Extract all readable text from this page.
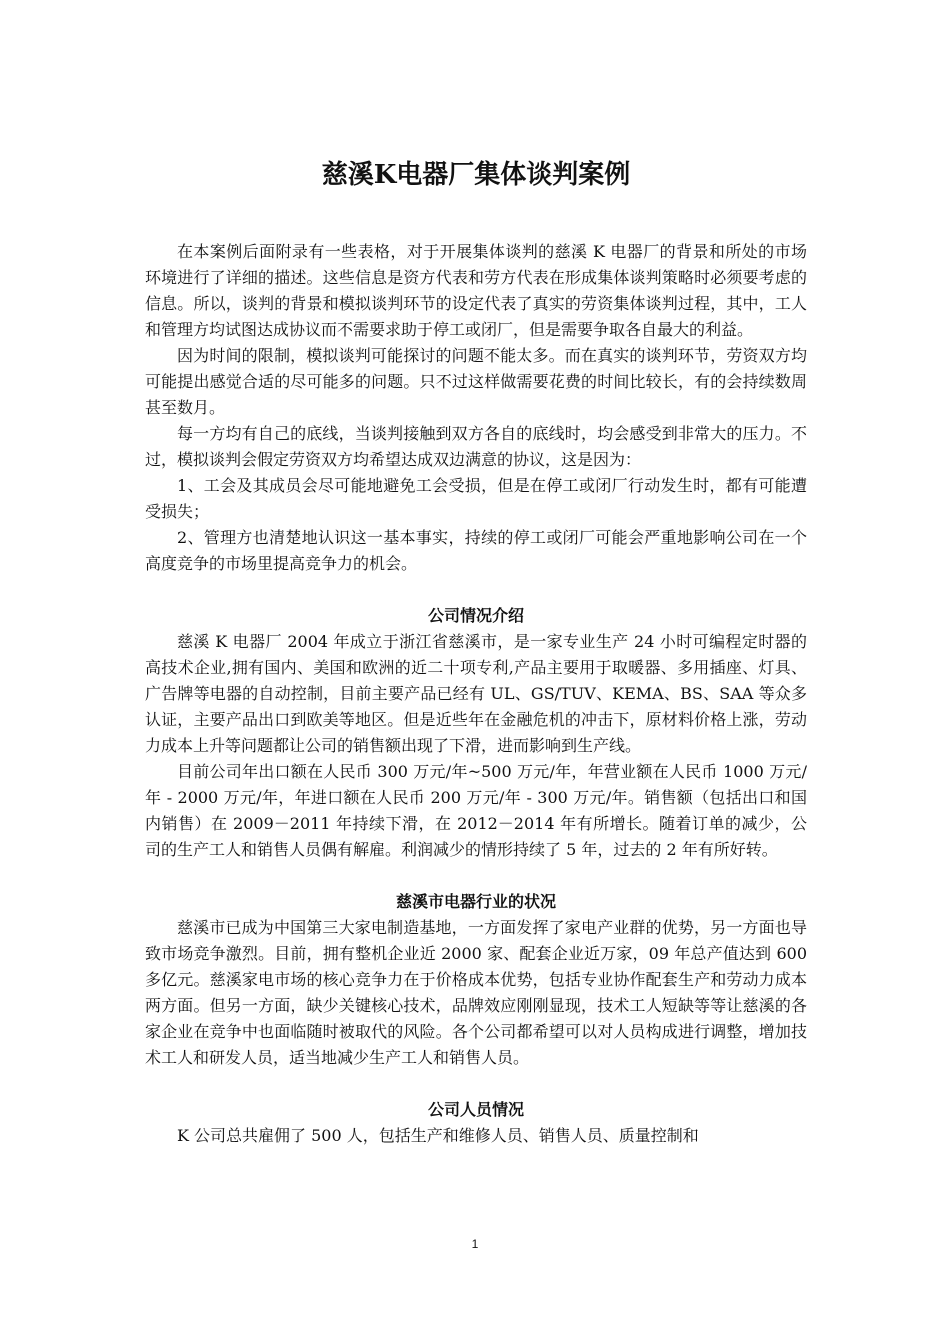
慈溪K电器厂集体谈判案例

在本案例后面附录有一些表格，对于开展集体谈判的慈溪 K 电器厂的背景和所处的市场环境进行了详细的描述。这些信息是资方代表和劳方代表在形成集体谈判策略时必须要考虑的信息。所以，谈判的背景和模拟谈判环节的设定代表了真实的劳资集体谈判过程，其中，工人和管理方均试图达成协议而不需要求助于停工或闭厂，但是需要争取各自最大的利益。

因为时间的限制，模拟谈判可能探讨的问题不能太多。而在真实的谈判环节，劳资双方均可能提出感觉合适的尽可能多的问题。只不过这样做需要花费的时间比较长，有的会持续数周甚至数月。

每一方均有自己的底线，当谈判接触到双方各自的底线时，均会感受到非常大的压力。不过，模拟谈判会假定劳资双方均希望达成双边满意的协议，这是因为：

1、工会及其成员会尽可能地避免工会受损，但是在停工或闭厂行动发生时，都有可能遭受损失；

2、管理方也清楚地认识这一基本事实，持续的停工或闭厂可能会严重地影响公司在一个高度竞争的市场里提高竞争力的机会。

公司情况介绍

慈溪 K 电器厂 2004 年成立于浙江省慈溪市，是一家专业生产 24 小时可编程定时器的高技术企业,拥有国内、美国和欧洲的近二十项专利,产品主要用于取暖器、多用插座、灯具、广告牌等电器的自动控制，目前主要产品已经有 UL、GS/TUV、KEMA、BS、SAA 等众多认证，主要产品出口到欧美等地区。但是近些年在金融危机的冲击下，原材料价格上涨，劳动力成本上升等问题都让公司的销售额出现了下滑，进而影响到生产线。

目前公司年出口额在人民币 300 万元/年~500 万元/年，年营业额在人民币 1000 万元/年 - 2000 万元/年，年进口额在人民币 200 万元/年 - 300 万元/年。销售额（包括出口和国内销售）在 2009－2011 年持续下滑，在 2012－2014 年有所增长。随着订单的减少，公司的生产工人和销售人员偶有解雇。利润减少的情形持续了 5 年，过去的 2 年有所好转。

慈溪市电器行业的状况

慈溪市已成为中国第三大家电制造基地，一方面发挥了家电产业群的优势，另一方面也导致市场竞争激烈。目前，拥有整机企业近 2000 家、配套企业近万家，09 年总产值达到 600 多亿元。慈溪家电市场的核心竞争力在于价格成本优势，包括专业协作配套生产和劳动力成本两方面。但另一方面，缺少关键核心技术，品牌效应刚刚显现，技术工人短缺等等让慈溪的各家企业在竞争中也面临随时被取代的风险。各个公司都希望可以对人员构成进行调整，增加技术工人和研发人员，适当地减少生产工人和销售人员。

公司人员情况

K 公司总共雇佣了 500 人，包括生产和维修人员、销售人员、质量控制和

1
